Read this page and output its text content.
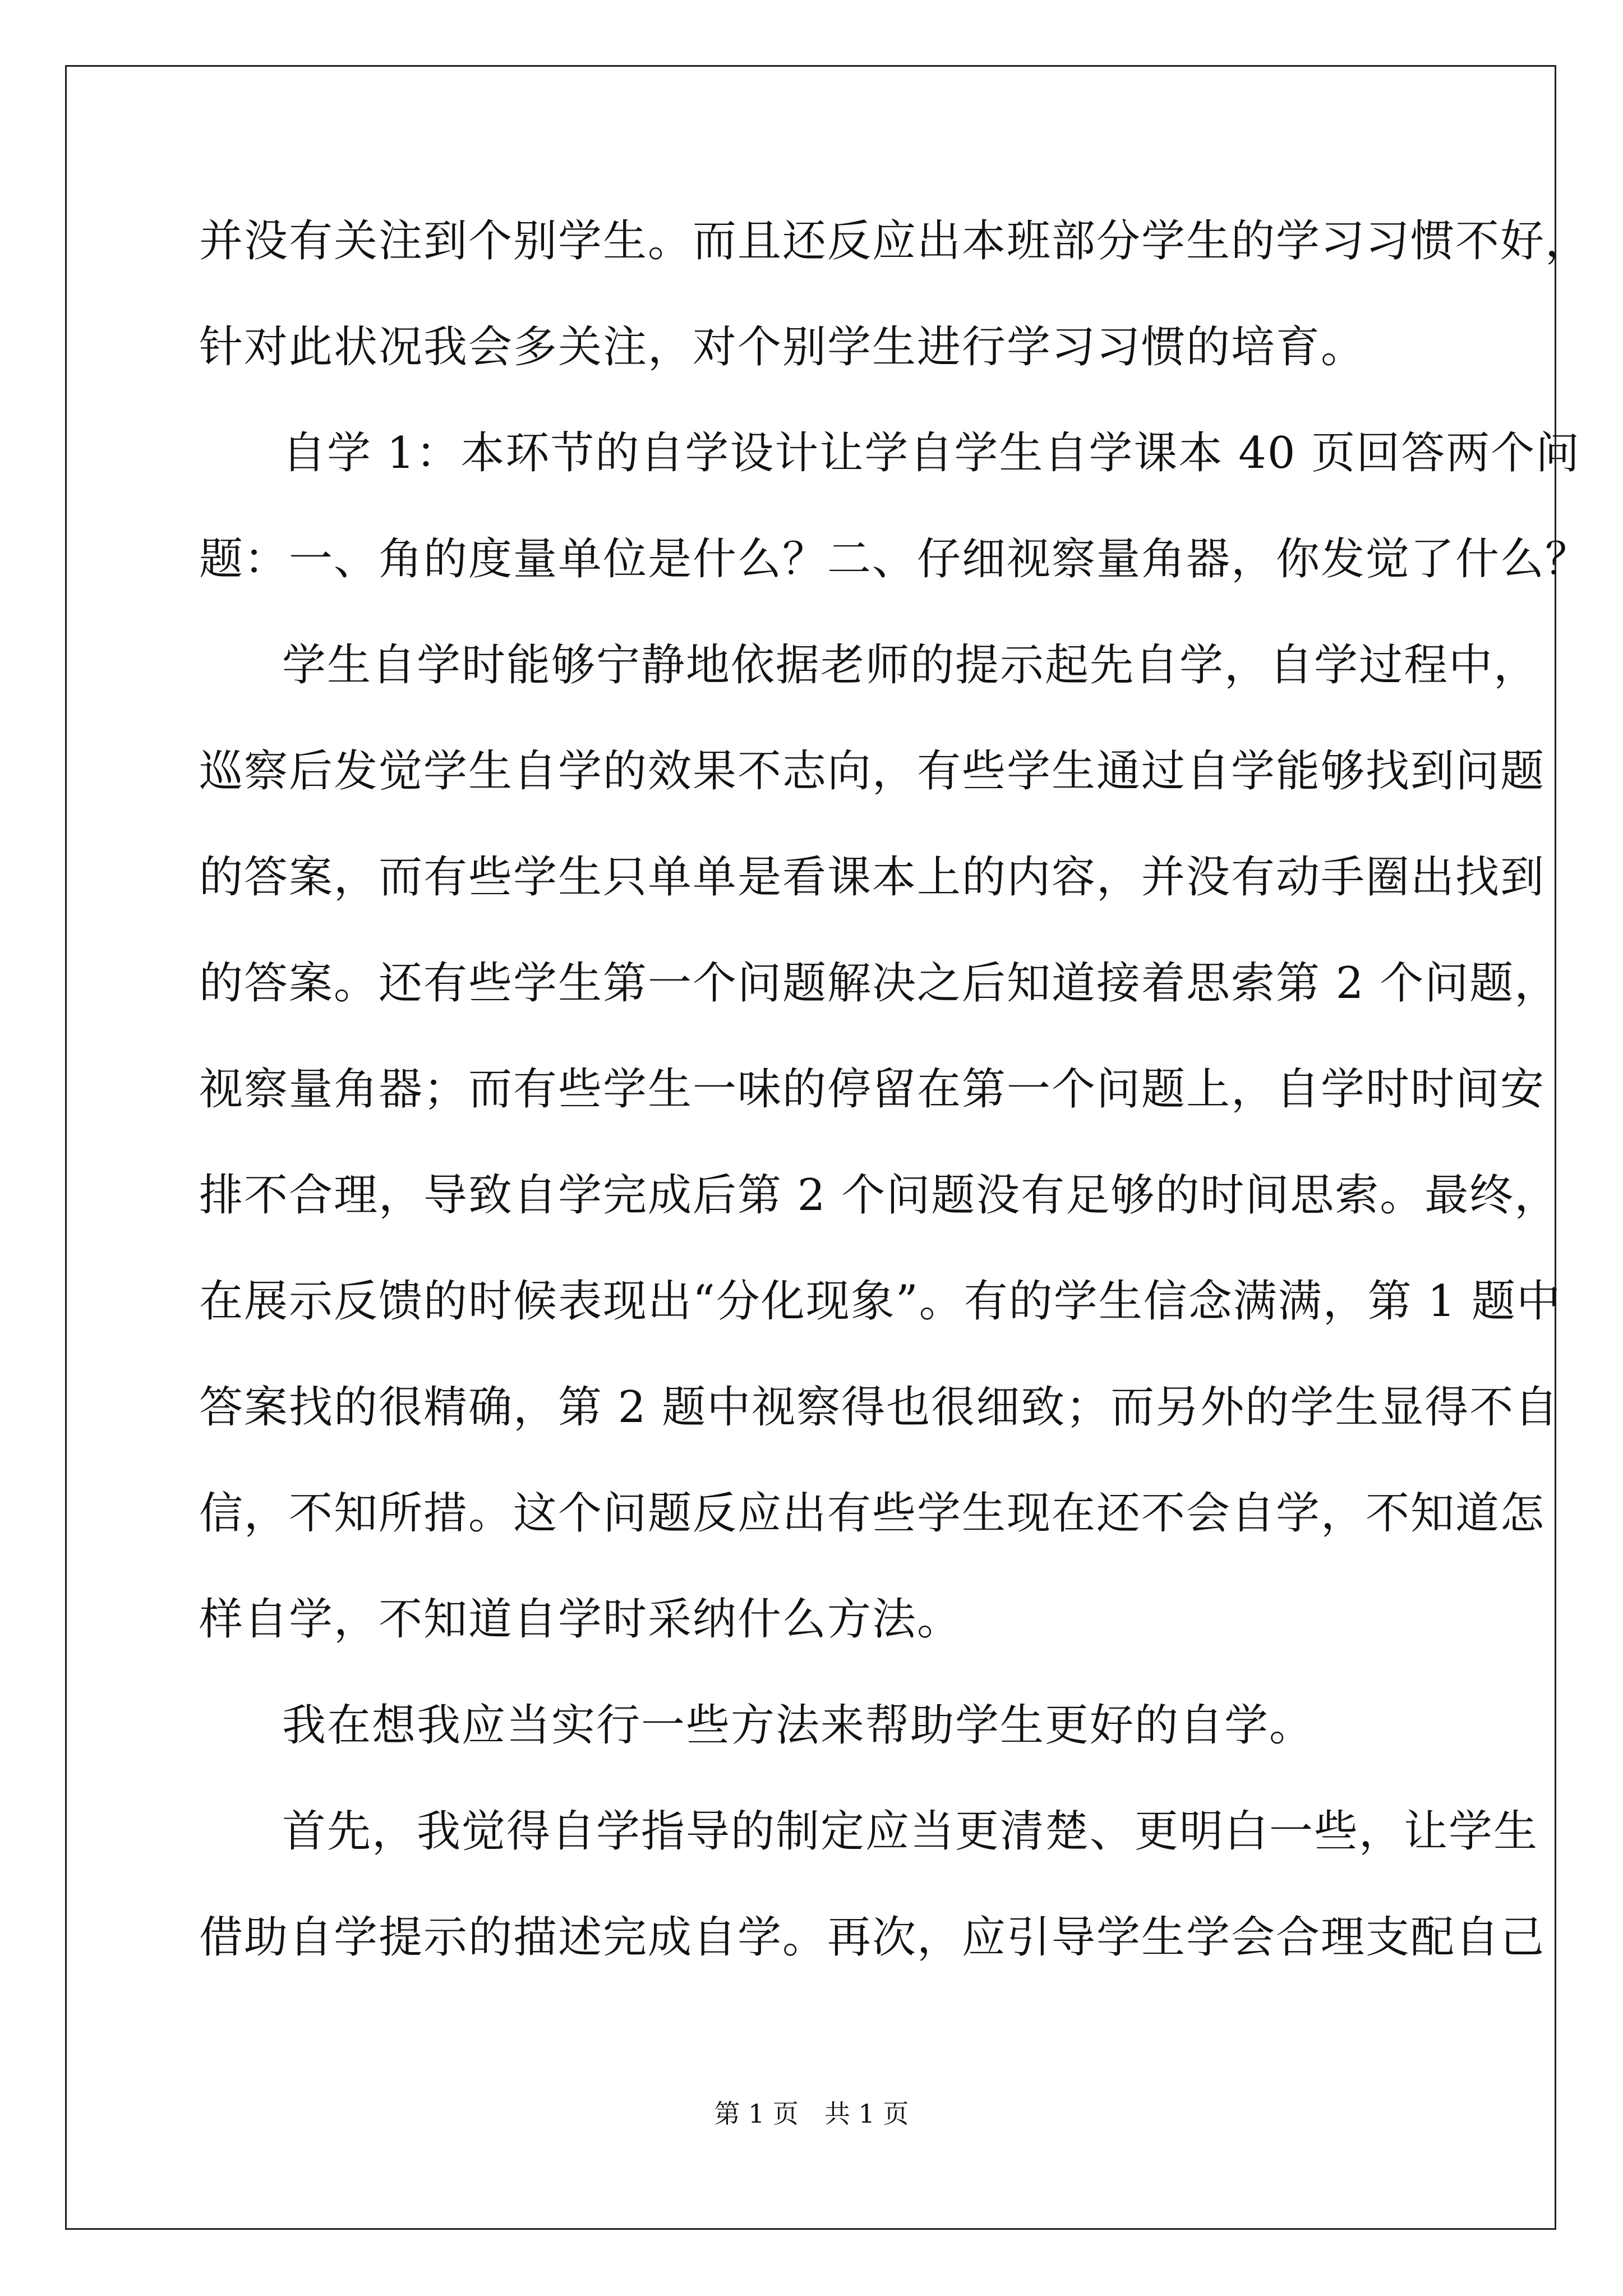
并没有关注到个别学生。而且还反应出本班部分学生的学习习惯不好，
针对此状况我会多关注，对个别学生进行学习习惯的培育。
自学 1：本环节的自学设计让学自学生自学课本 40 页回答两个问
题：一、角的度量单位是什么？二、仔细视察量角器，你发觉了什么？
学生自学时能够宁静地依据老师的提示起先自学，自学过程中，
巡察后发觉学生自学的效果不志向，有些学生通过自学能够找到问题
的答案，而有些学生只单单是看课本上的内容，并没有动手圈出找到
的答案。还有些学生第一个问题解决之后知道接着思索第 2 个问题，
视察量角器；而有些学生一味的停留在第一个问题上，自学时时间安
排不合理，导致自学完成后第 2 个问题没有足够的时间思索。最终，
在展示反馈的时候表现出“分化现象”。有的学生信念满满，第 1 题中
答案找的很精确，第 2 题中视察得也很细致；而另外的学生显得不自
信，不知所措。这个问题反应出有些学生现在还不会自学，不知道怎
样自学，不知道自学时采纳什么方法。
我在想我应当实行一些方法来帮助学生更好的自学。
首先，我觉得自学指导的制定应当更清楚、更明白一些，让学生
借助自学提示的描述完成自学。再次，应引导学生学会合理支配自己
第 1 页　共 1 页
